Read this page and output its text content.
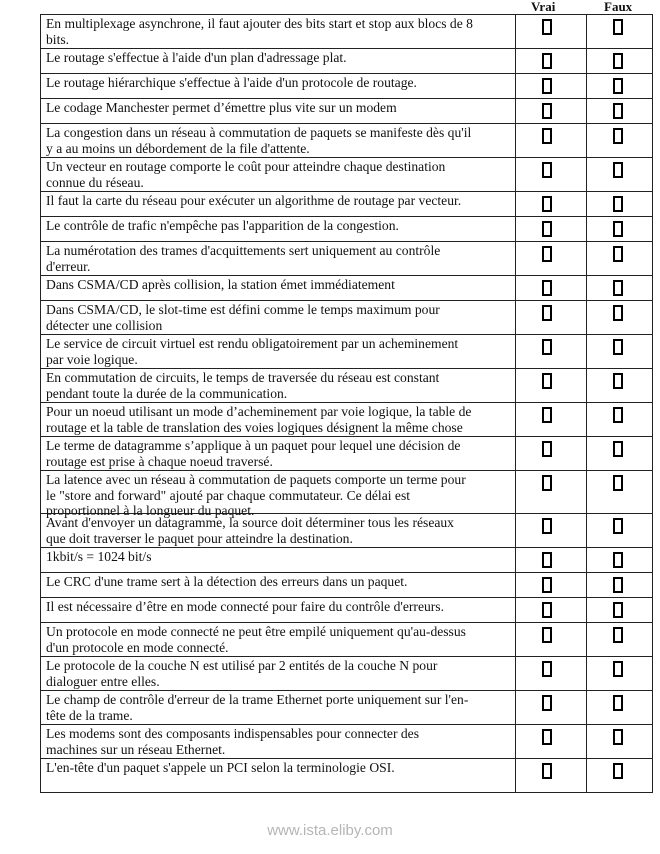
Vrai	Faux
En multiplexage asynchrone, il faut ajouter des bits start et stop aux blocs de 8
bits.
Le routage s'effectue à l'aide d'un plan d'adressage plat.
Le routage hiérarchique s'effectue à l'aide d'un protocole de routage.
Le codage Manchester permet d’émettre plus vite sur un modem
La congestion dans un réseau à commutation de paquets se manifeste dès qu'il
y a au moins un débordement de la file d'attente.
Un vecteur en routage comporte le coût pour atteindre chaque destination
connue du réseau.
Il faut la carte du réseau pour exécuter un algorithme de routage par vecteur.
Le contrôle de trafic n'empêche pas l'apparition de la congestion.
La numérotation des trames d'acquittements sert uniquement au contrôle
d'erreur.
Dans CSMA/CD après collision, la station émet immédiatement
Dans CSMA/CD, le slot-time est défini comme le temps maximum pour
détecter une collision
Le service de circuit virtuel est rendu obligatoirement par un acheminement
par voie logique.
En commutation de circuits, le temps de traversée du réseau est constant
pendant toute la durée de la communication.
Pour un noeud utilisant un mode d’acheminement par voie logique, la table de
routage et la table de translation des voies logiques désignent la même chose
Le terme de datagramme s’applique à un paquet pour lequel une décision de
routage est prise à chaque noeud traversé.
La latence avec un réseau à commutation de paquets comporte un terme pour
le "store and forward" ajouté par chaque commutateur. Ce délai est
proportionnel à la longueur du paquet.
Avant d'envoyer un datagramme, la source doit déterminer tous les réseaux
que doit traverser le paquet pour atteindre la destination.
1kbit/s = 1024 bit/s
Le CRC d'une trame sert à la détection des erreurs dans un paquet.
Il est nécessaire d’être en mode connecté pour faire du contrôle d'erreurs.
Un protocole en mode connecté ne peut être empilé uniquement qu'au-dessus
d'un protocole en mode connecté.
Le protocole de la couche N est utilisé par 2 entités de la couche N pour
dialoguer entre elles.
Le champ de contrôle d'erreur de la trame Ethernet porte uniquement sur l'en-
tête de la trame.
Les modems sont des composants indispensables pour connecter des
machines sur un réseau Ethernet.
L'en-tête d'un paquet s'appele un PCI selon la terminologie OSI.
www.ista.eliby.com
